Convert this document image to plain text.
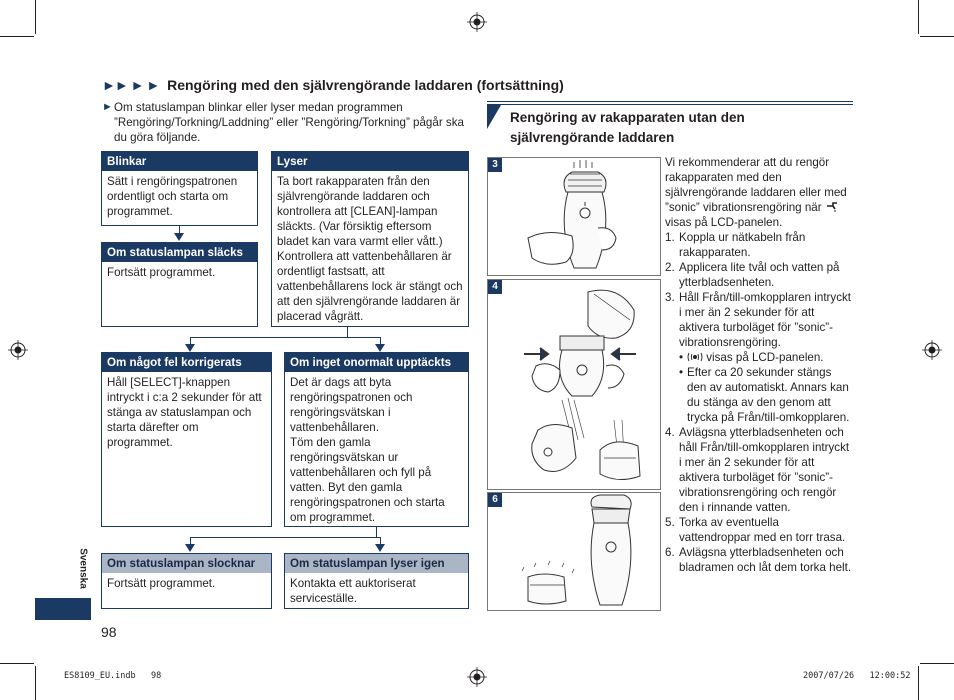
►► ► ► Rengöring med den självrengörande laddaren (fortsättning)
► Om statuslampan blinkar eller lyser medan programmen ”Rengöring/Torkning/Laddning” eller ”Rengöring/Torkning” pågår ska du göra följande.
Blinkar
Sätt i rengöringspatronen ordentligt och starta om programmet.
Lyser
Ta bort rakapparaten från den självrengörande laddaren och kontrollera att [CLEAN]-lampan släckts. (Var försiktig eftersom bladet kan vara varmt eller vått.) Kontrollera att vattenbehållaren är ordentligt fastsatt, att vattenbehållarens lock är stängt och att den självrengörande laddaren är placerad vågrätt.
Om statuslampan släcks
Fortsätt programmet.
Om något fel korrigerats
Håll [SELECT]-knappen intryckt i c:a 2 sekunder för att stänga av statuslampan och starta därefter om programmet.
Om inget onormalt upptäckts
Det är dags att byta rengöringspatronen och rengöringsvätskan i vattenbehållaren.
Töm den gamla rengöringsvätskan ur vattenbehållaren och fyll på vatten. Byt den gamla rengöringspatronen och starta om programmet.
Om statuslampan slocknar
Fortsätt programmet.
Om statuslampan lyser igen
Kontakta ett auktoriserat serviceställe.
Svenska
98
Rengöring av rakapparaten utan den självrengörande laddaren
3
4
6
Vi rekommenderar att du rengör rakapparaten med den självrengörande laddaren eller med ”sonic” vibrationsrengöring när  visas på LCD-panelen.
1. Koppla ur nätkabeln från rakapparaten.
2. Applicera lite tvål och vatten på ytterbladsenheten.
3. Håll Från/till-omkopplaren intryckt i mer än 2 sekunder för att aktivera turboläget för ”sonic”-vibrationsrengöring.
• visas på LCD-panelen.
• Efter ca 20 sekunder stängs den av automatiskt. Annars kan du stänga av den genom att trycka på Från/till-omkopplaren.
4. Avlägsna ytterbladsenheten och håll Från/till-omkopplaren intryckt i mer än 2 sekunder för att aktivera turboläget för ”sonic”-vibrationsrengöring och rengör den i rinnande vatten.
5. Torka av eventuella vattendroppar med en torr trasa.
6. Avlägsna ytterbladsenheten och bladramen och låt dem torka helt.
ES8109_EU.indb   98	2007/07/26   12:00:52
